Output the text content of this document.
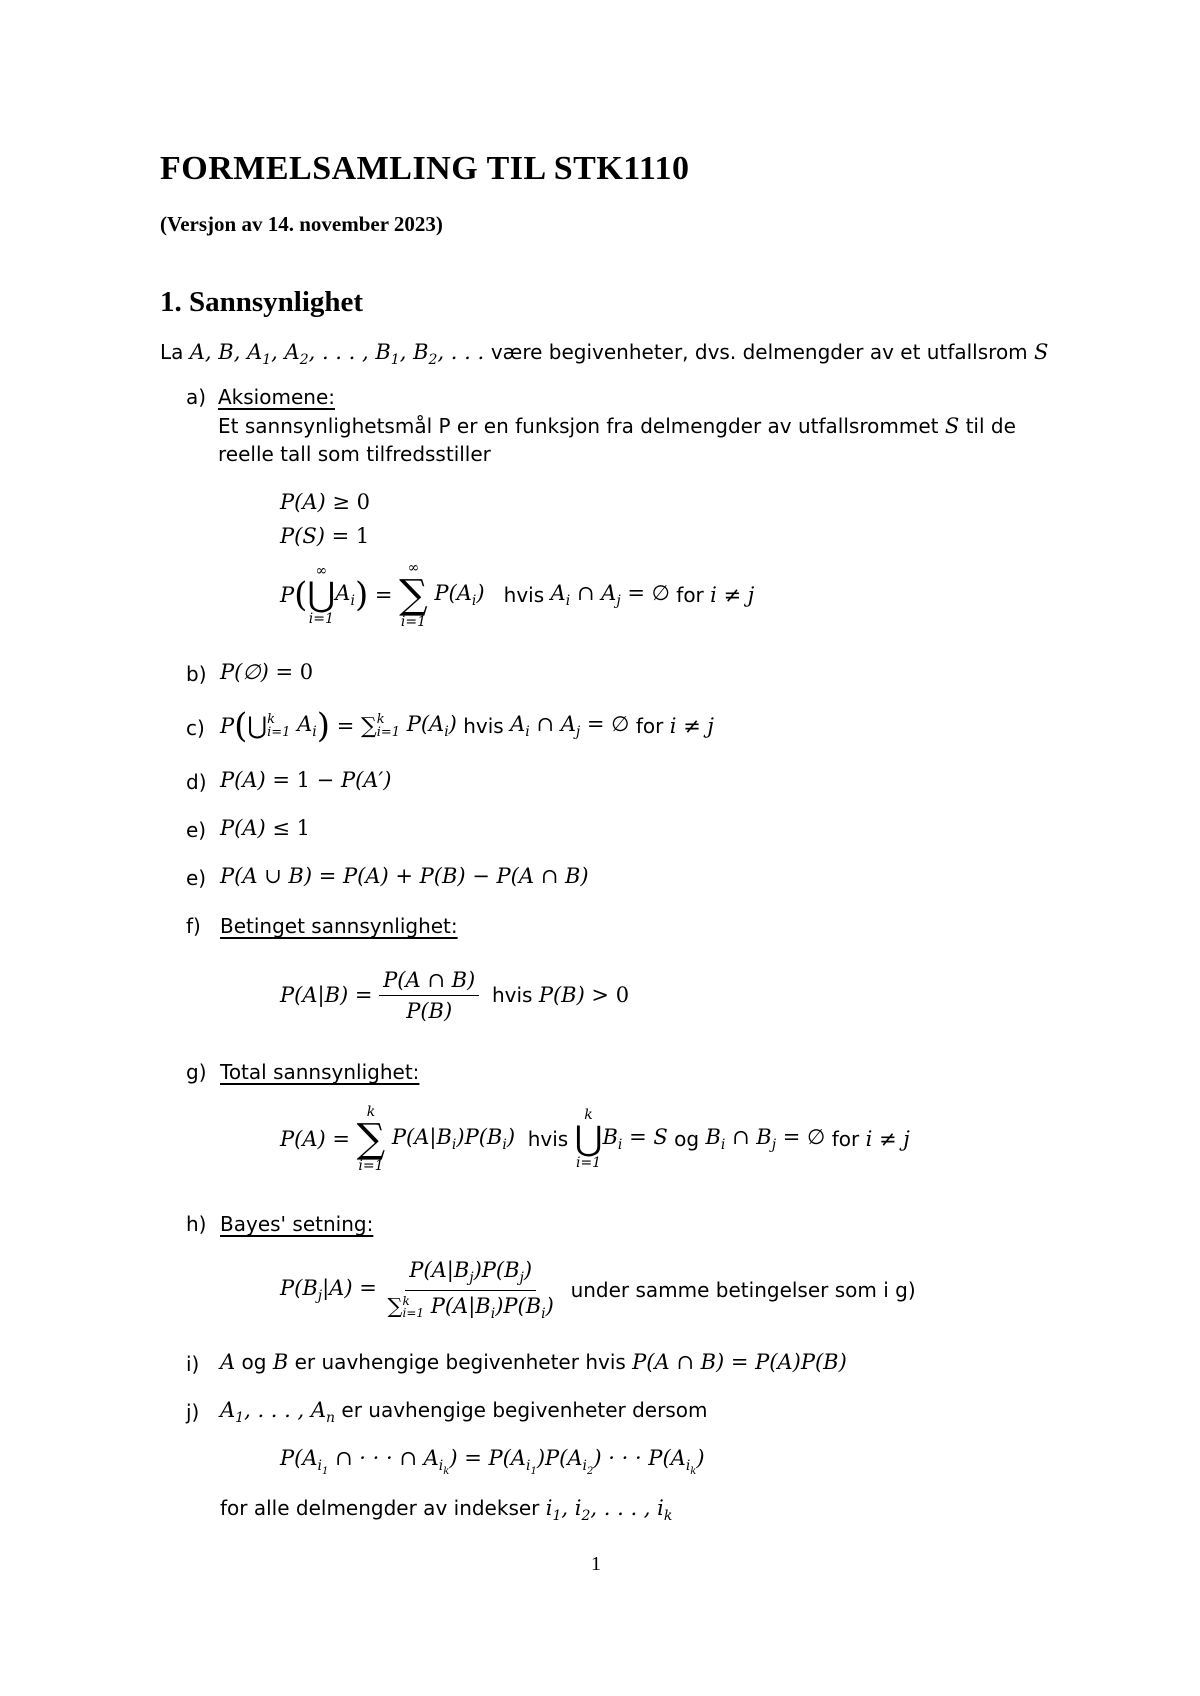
FORMELSAMLING TIL STK1110
(Versjon av 14. november 2023)
1. Sannsynlighet
La A, B, $A_1$, $A_2$, . . . , $B_1$, $B_2$, . . . være begivenheter, dvs. delmengder av et utfallsrom S
a) Aksiomene:
Et sannsynlighetsmål P er en funksjon fra delmengder av utfallsrommet S til de
reelle tall som tilfredsstiller
P(A) ≥ 0
P(S) = 1
P (
∞
⋃
i=1
$A_i$ ) =
∞
∑
i=1
$P(A_i)$ hvis $A_i$ ∩ $A_j$ = ∅ for i ≠ j
b) P(∅) = 0
c) P ( ⋃ k
i=1 $A_i$ ) = ∑ k
i=1 $P(A_i)$ hvis $A_i$ ∩ $A_j$ = ∅ for i ≠ j
d) P(A) = 1 − P(A′)
e) P(A) ≤ 1
e) P(A ∪ B) = P(A) + P(B) − P(A ∩ B)
f) Betinget sannsynlighet:
$P(A|B) = \frac{P(A \cap B)}{P(B)}$ hvis P(B) > 0
g) Total sannsynlighet:
P(A) =
k
∑
i=1
$P(A|B_i)P(B_i)$ hvis
k
⋃
i=1
$B_i = S$ og $B_i$ ∩ $B_j$ = ∅ for i ≠ j
h) Bayes' setning:
$P(B_j|A) = P(A|B_j)P(B_j)$
∑ k
i=1 $P(A|B_i)P(B_i)$ under samme betingelser som i g)
i) A og B er uavhengige begivenheter hvis P(A ∩ B) = P(A)P(B)
j) $A_1$, . . . , $A_n$ er uavhengige begivenheter dersom
$P(A_{i_1}$ ∩ · · · ∩ $A_{i_k}) = P(A_{i_1})P(A_{i_2})$ · · · $P(A_{i_k})$
for alle delmengder av indekser $i_1$, $i_2$, . . . , $i_k$
1
